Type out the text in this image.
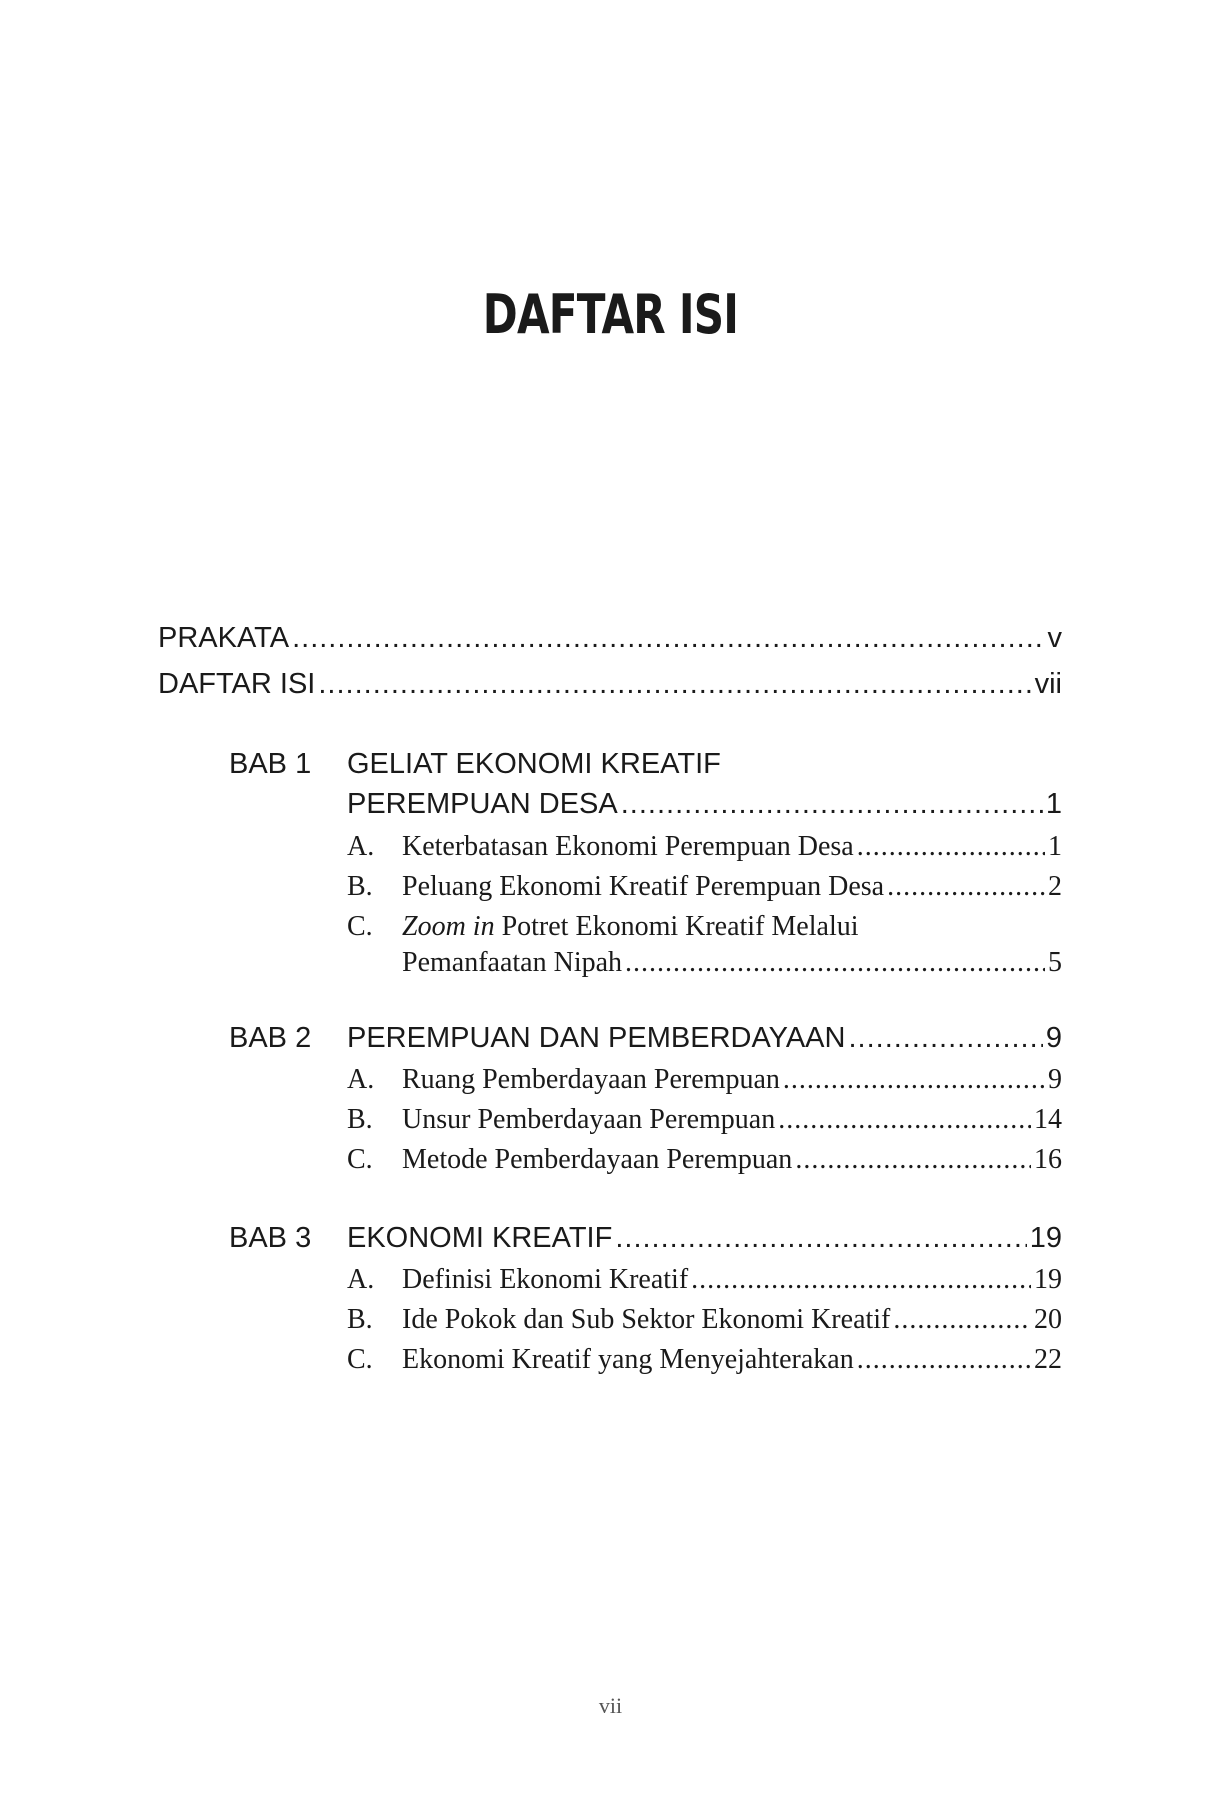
DAFTAR ISI
PRAKATA .....	v
DAFTAR ISI .....	vii
BAB 1 GELIAT EKONOMI KREATIF
PEREMPUAN DESA .....	1
A. Keterbatasan Ekonomi Perempuan Desa .....	1
B. Peluang Ekonomi Kreatif Perempuan Desa .....	2
C. Zoom in Potret Ekonomi Kreatif Melalui
Pemanfaatan Nipah .....	5
BAB 2 PEREMPUAN DAN PEMBERDAYAAN .....	9
A. Ruang Pemberdayaan Perempuan .....	9
B. Unsur Pemberdayaan Perempuan .....	14
C. Metode Pemberdayaan Perempuan .....	16
BAB 3 EKONOMI KREATIF .....	19
A. Definisi Ekonomi Kreatif .....	19
B. Ide Pokok dan Sub Sektor Ekonomi Kreatif .....	20
C. Ekonomi Kreatif yang Menyejahterakan .....	22
vii
